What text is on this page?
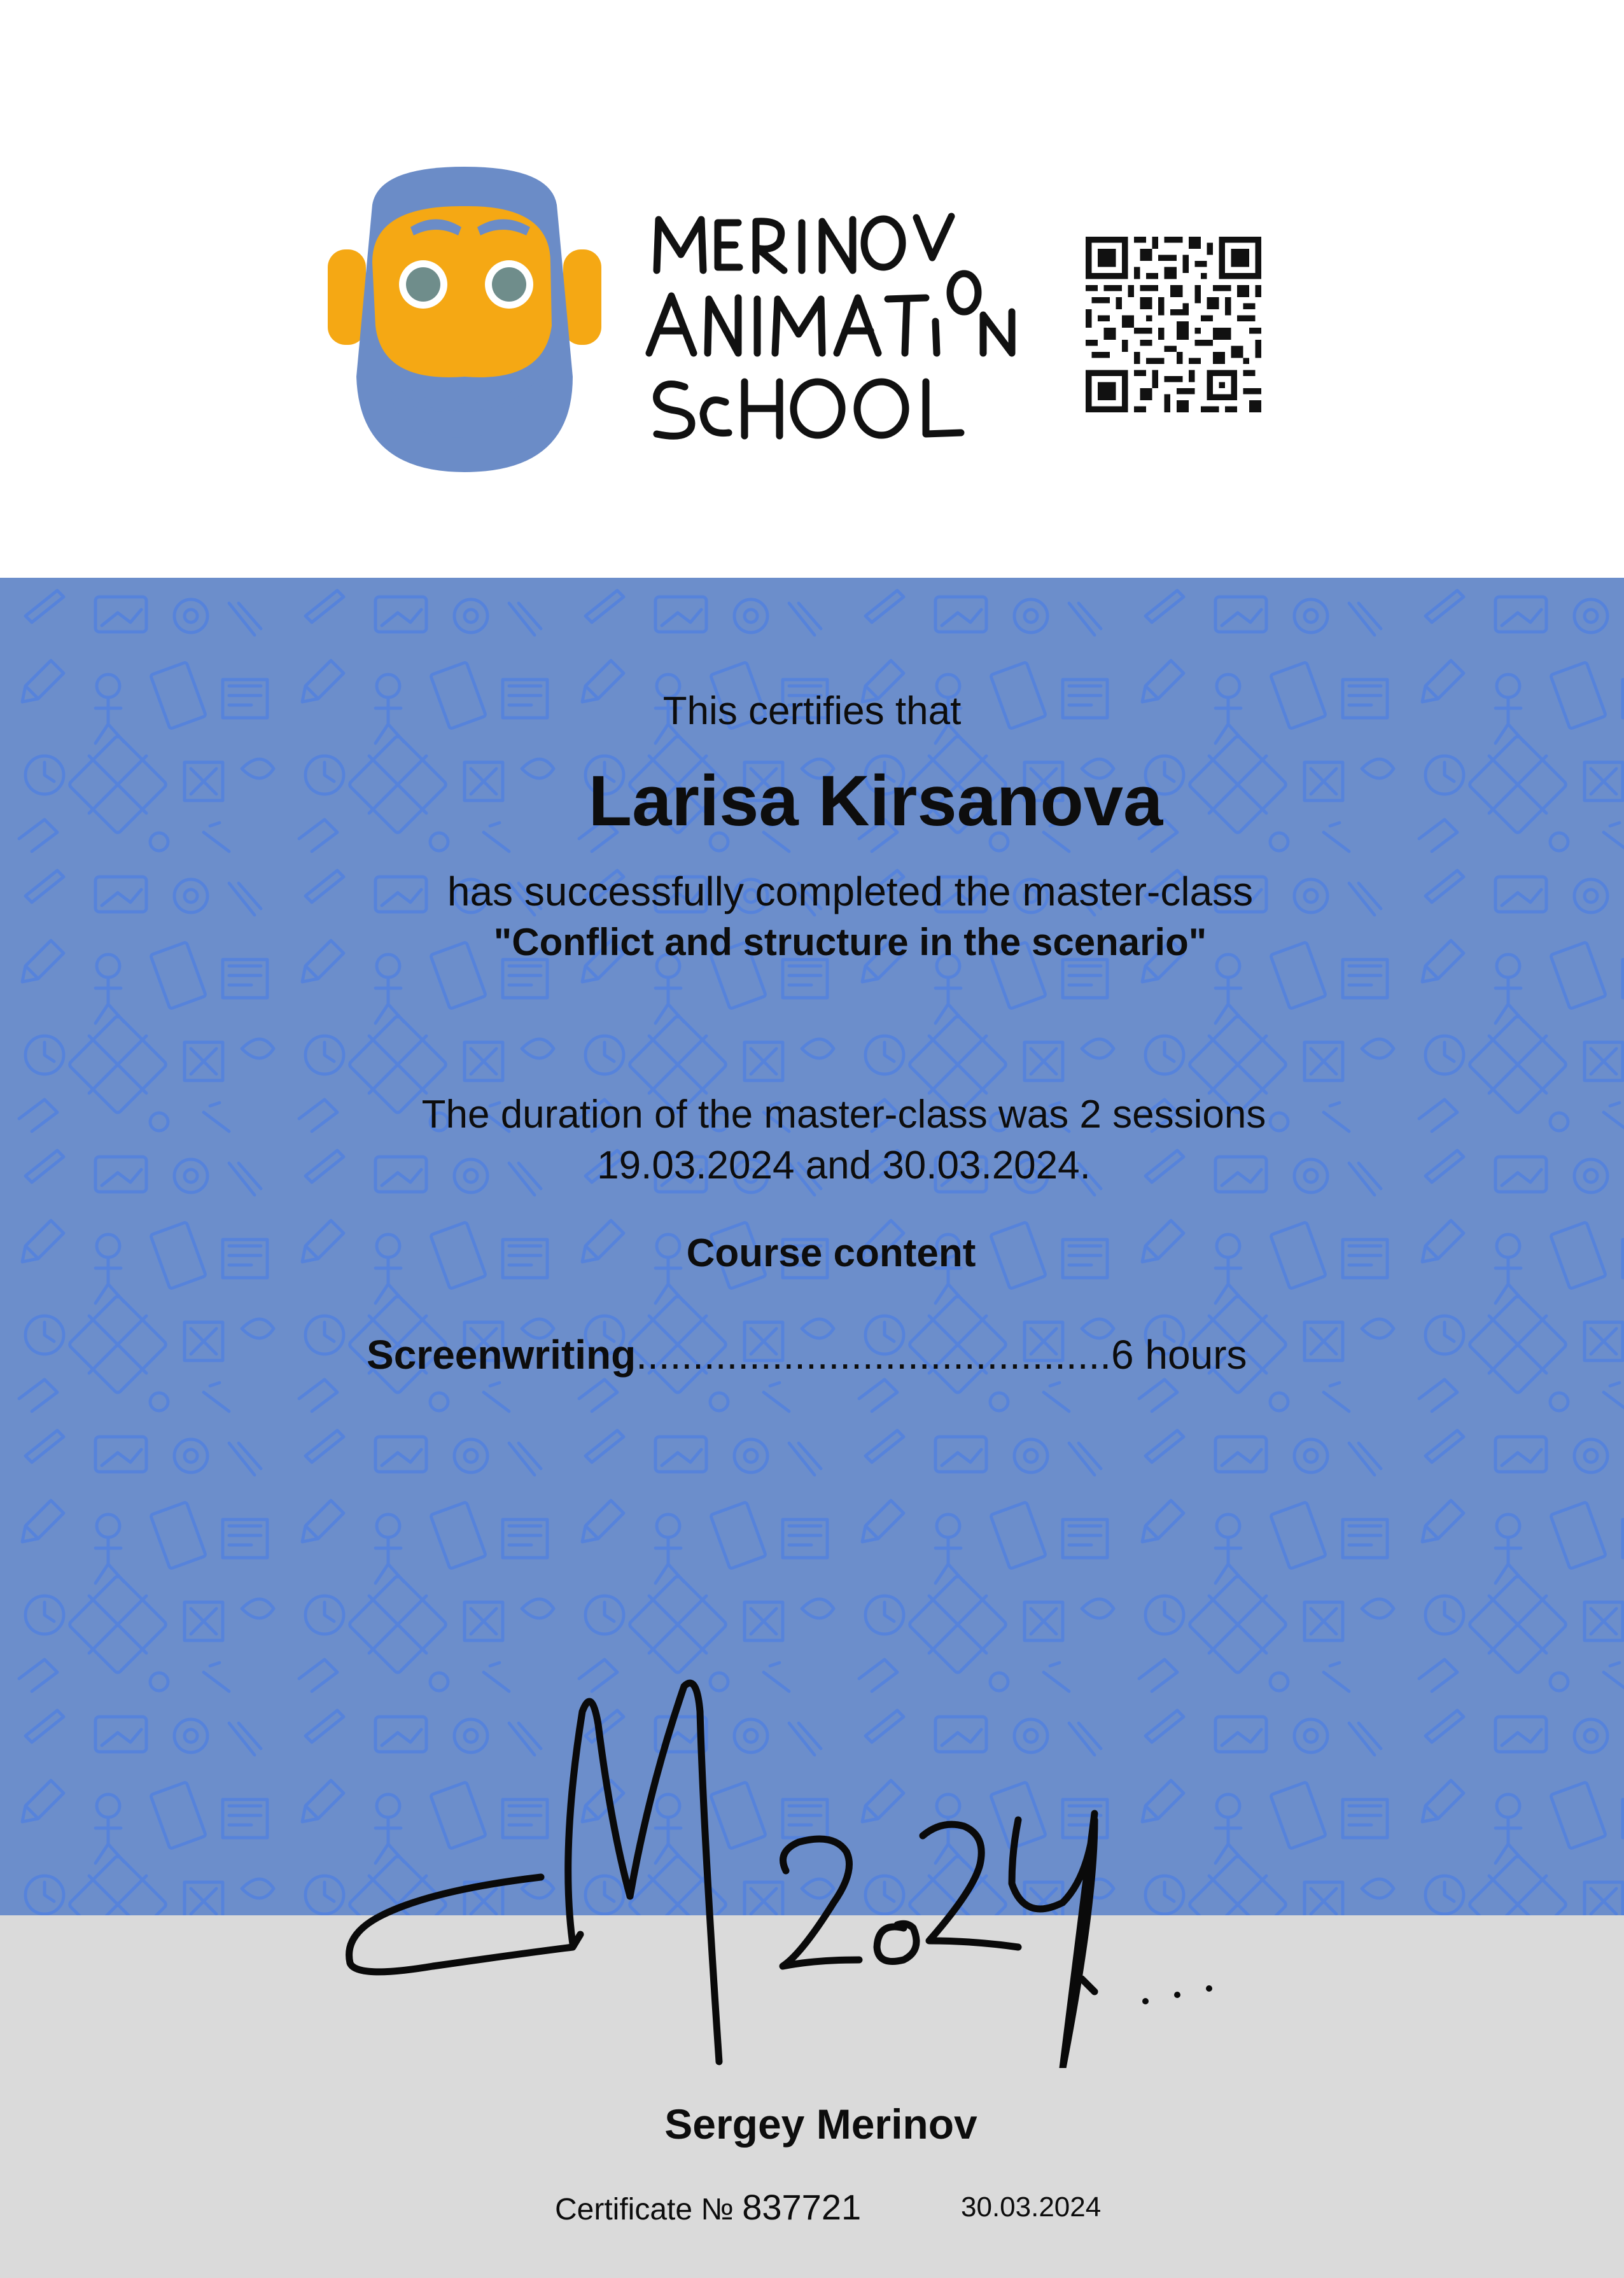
This certifies that
Larisa Kirsanova
has successfully completed the master-class
"Conflict and structure in the scenario"
The duration of the master-class was 2 sessions
19.03.2024 and 30.03.2024.
Course content
Screenwriting..........................................6 hours
Sergey Merinov
Certificate № 837721	30.03.2024
